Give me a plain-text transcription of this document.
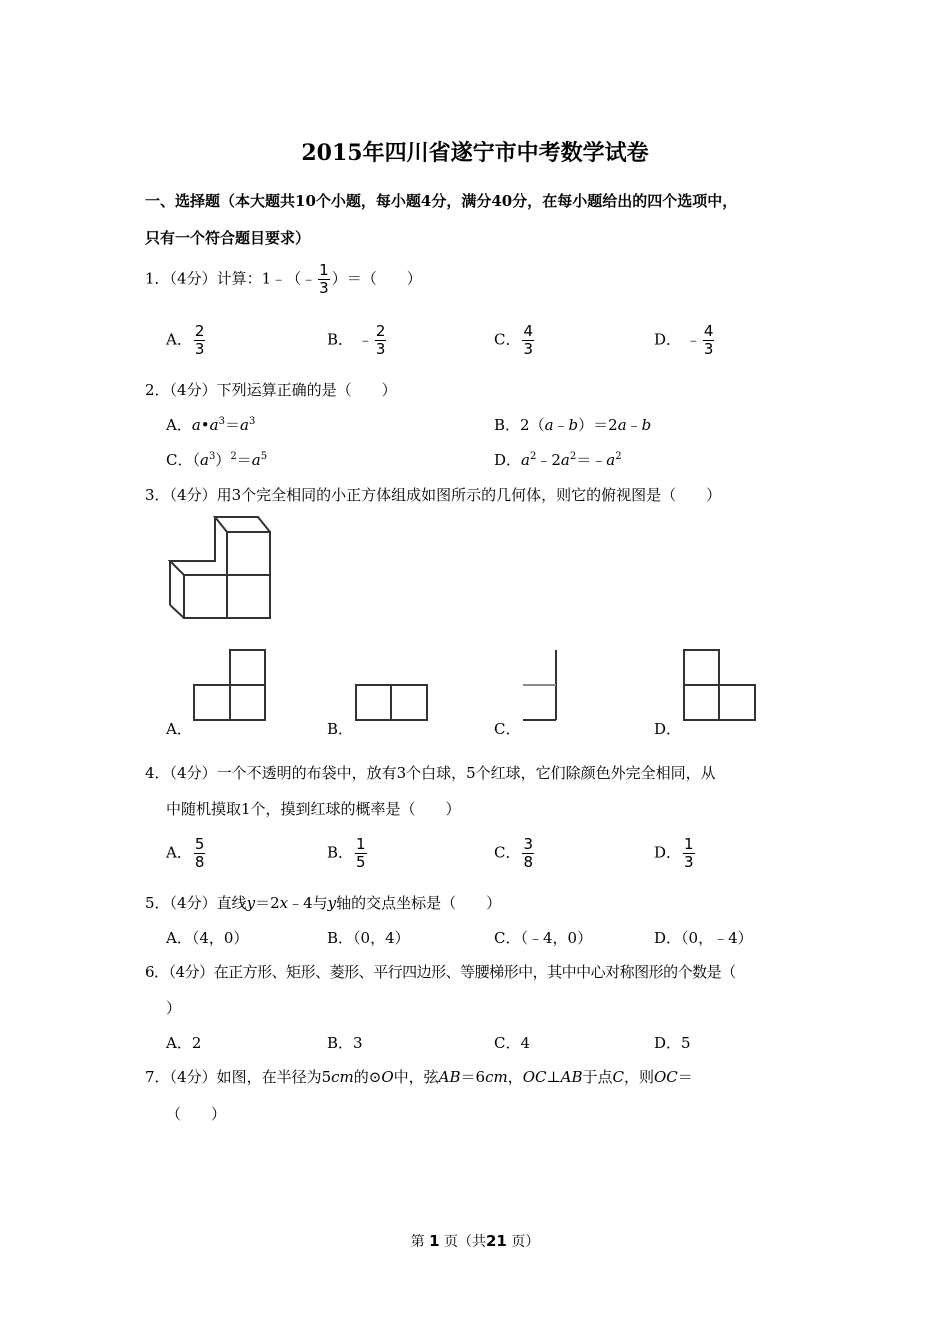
2015年四川省遂宁市中考数学试卷
一、选择题（本大题共10个小题，每小题4分，满分40分，在每小题给出的四个选项中，
只有一个符合题目要求）
1．（4分）计算：1﹣（﹣ $\frac{1}{3}$ ）＝（　　）
A． $\frac{2}{3}$	B． ﹣ $\frac{2}{3}$	C． $\frac{4}{3}$	D． ﹣ $\frac{4}{3}$
2．（4分）下列运算正确的是（　　）
A．$a•a^3=a^3$	B．2（a﹣b）＝2a﹣b
C．$(a^3)^2=a^5$	D．$a^2﹣2a^2=﹣a^2$
3．（4分）用3个完全相同的小正方体组成如图所示的几何体，则它的俯视图是（　　）
A．	B．	C．	D．
4．（4分）一个不透明的布袋中，放有3个白球，5个红球，它们除颜色外完全相同，从
中随机摸取1个，摸到红球的概率是（　　）
A． $\frac{5}{8}$	B． $\frac{1}{5}$	C． $\frac{3}{8}$	D． $\frac{1}{3}$
5．（4分）直线y＝2x﹣4与y轴的交点坐标是（　　）
A．（4，0）	B．（0，4）	C．（﹣4，0）	D．（0，﹣4）
6．（4分）在正方形、矩形、菱形、平行四边形、等腰梯形中，其中中心对称图形的个数是（
）
A．2	B．3	C．4	D．5
7．（4分）如图，在半径为5cm的⊙O中，弦AB＝6cm，OC⊥AB于点C，则OC＝
（　　）
第 1 页（共21 页）
